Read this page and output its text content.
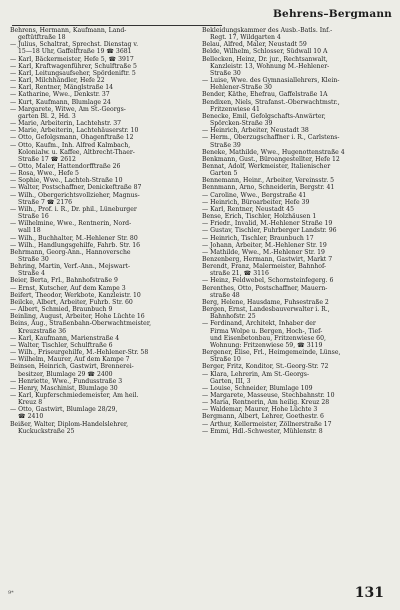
Behrens–Bergmann
Behrens, Hermann, Kaufmann, Land-
geftütftraße 18
— Julius, Schaltrat, Sprechst. Dienstag v.
15—18 Uhr, Gaffelftraße 19 ☎ 3681
— Karl, Bäckermeister, Hefe 5, ☎ 3917
— Karl, Kraftwagenführer, Schulftraße 5
— Karl, Leitungsaufseher, Spördeniftr. 5
— Karl, Milchhändler, Hefe 22
— Karl, Rentner, Mänglstraße 14
— Katharine, Wwe., Denkstr. 37
— Kurt, Kaufmann, Blumlage 24
— Margarete, Witwe, Am St.-Georgs-
garten Bl. 2, Hd. 3
— Marie, Arbeiterin, Lachtehstr. 37
— Marie, Arbeiterin, Lachtehäuserstr. 10
— Otto, Gefolgsmann, Ohagenftraße 12
— Otto, Kaufm., Inh. Alfred Kalmbach,
Kolonialw. u. Kaffee, Altbrecht-Thaer-
Straße 17 ☎ 2612
— Otto, Maler, Hattendorfftraße 26
— Rosa, Wwe., Hefe 5
— Sophie, Wwe., Lachteh-Straße 10
— Walter, Postschaffner, Denickeftraße 87
— Wilh., Obergerichtsvollzieher, Magnus-
Straße 7 ☎ 2176
— Wilh., Prof. i. R., Dr. phil., Lüneburger
Straße 16
— Wilhelmine, Wwe., Rentnerin, Nord-
wall 18
— Wilh., Buchhalter, M.-Hehlener Str. 80
— Wilh., Handlungsgehilfe, Fahrb. Str. 16
Behrmann, Georg-Ann., Hannoversche
Straße 30
Behring, Martin, Verf.-Ann., Mejswart-
Straße 4
Beier, Berta, Frl., Bahnhofstraße 9
— Ernst, Kutscher, Auf dem Kampe 3
Beifert, Theodor, Werkbote, Kanzleistr. 10
Beilcke, Albert, Arbeiter, Fuhrb. Str. 60
— Albert, Schmied, Braunbuch 9
Beinling, August, Arbeiter, Hohe Lüchte 16
Beins, Aug., Straßenbahn-Oberwachtmeister,
Kreuzstraße 36
— Karl, Kaufmann, Marienstraße 4
— Walter, Tischler, Schulftraße 6
— Wilh., Friseurgehilfe, M.-Hehlener-Str. 58
— Wilhelm, Maurer, Auf dem Kampe 7
Beinsen, Heinrich, Gastwirt, Brennerei-
besitzer, Blumlage 29 ☎ 2400
— Henriette, Wwe., Fundusstraße 3
— Henry, Maschinist, Blumlage 30
— Karl, Kupferschmiedemeister, Am heil.
Kreuz 8
— Otto, Gastwirt, Blumlage 28/29,
☎ 2410
Beißer, Walter, Diplom-Handelslehrer,
Kuckuckstraße 25
Bekleidungskammer des Ausb.-Batls. Inf.-
Regt. 17, Wildgarten 4
Belau, Alfred, Maler, Neustadt 59
Belde, Wilhelm, Schlosser, Südwall 10 A
Bellecken, Heinz, Dr. jur., Rechtsanwalt,
Kanzleistr. 13, Wohnung M.-Hehlener-
Straße 30
— Luise, Wwe. des Gymnasiallehrers, Klein-
Hehlener-Straße 30
Bender, Käthe, Ehefrau, Gaffelstraße 1A
Bendixen, Niels, Strafanst.-Oberwachtmstr.,
Fritzenwiese 41
Benecke, Emil, Gefolgschafts-Anwärter,
Spörcken-Straße 39
— Heinrich, Arbeiter, Neustadt 38
— Herm., Oberzugschaffner i. R., Carlstens-
Straße 39
Beneke, Mathilde, Wwe., Hugenottenstraße 4
Benkmann, Gust., Büroangestellter, Hefe 12
Bennat, Adolf, Werkmeister, Italienischer
Garten 5
Bennemann, Heinr., Arbeiter, Vereinsstr. 5
Bennmann, Arno, Schneiderin, Bergstr. 41
— Caroline, Wwe., Bergstraße 41
— Heinrich, Büroarbeiter, Hefe 39
— Karl, Rentner, Neustadt 45
Bense, Erich, Tischler, Holzhäusen 1
— Friedr., Invalid, M.-Hehlener Straße 19
— Gustav, Tischler, Fuhrberger Landstr. 96
— Heinrich, Tischler, Braunbuch 17
— Johann, Arbeiter, M.-Hehlener Str. 19
— Mathilde, Wwe., M.-Hehlener Str. 19
Benzenberg, Hermann, Gastwirt, Markt 7
Berendt, Franz, Malermeister, Bahnhof-
straße 21, ☎ 3116
— Heinz, Feldwebel, Schornsteinfegerg. 6
Berenthes, Otto, Postschaffner, Mauern-
straße 48
Berg, Helene, Hausdame, Fuhsestraße 2
Bergen, Ernst, Landesbauverwalter i. R.,
Bahnhofstr. 25
— Ferdinand, Architekt, Inhaber der
Firma Wolpe u. Bergen, Hoch-, Tief-
und Eisenbetonbau, Fritzenwiese 60,
Wohnung: Fritzenwiese 59, ☎ 3119
Bergener, Elise, Frl., Heimgemeinde, Lünse,
Straße 10
Berger, Fritz, Konditor, St.-Georg-Str. 72
— Klara, Lehrerin, Am St.-Georgs-
Garten, III, 3
— Louise, Schneider, Blumlage 109
— Margarete, Masseuse, Stechbahnstr. 10
— Maria, Rentnerin, Am heilig. Kreuz 28
— Waldemar, Maurer, Hohe Lüchte 3
Bergmann, Albert, Lehrer, Goethestr. 6
— Arthur, Kellermeister, Zöllnerstraße 17
— Emmi, Hdl.-Schwester, Mühlenstr. 8
9*	131
